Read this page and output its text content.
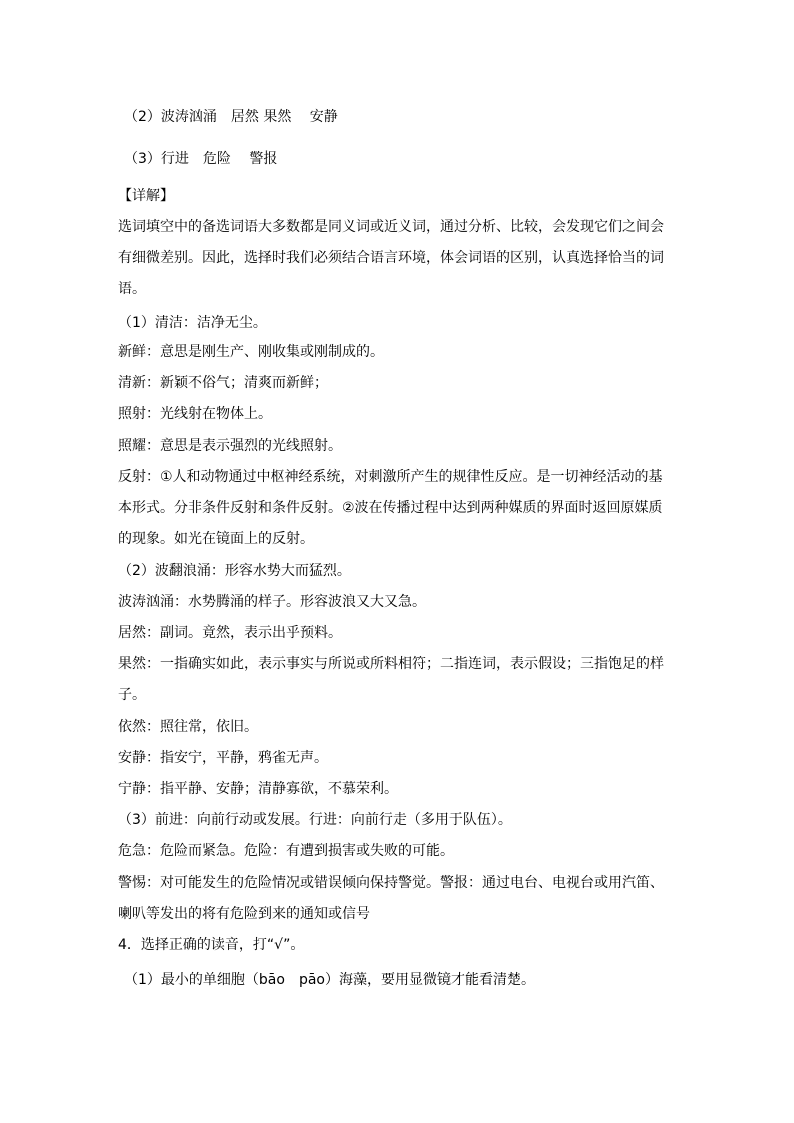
（2）波涛汹涌　居然 果然　 安静
（3）行进　危险　 警报
【详解】
选词填空中的备选词语大多数都是同义词或近义词，通过分析、比较，会发现它们之间会
有细微差别。因此，选择时我们必须结合语言环境，体会词语的区别，认真选择恰当的词
语。
（1）清洁：洁净无尘。
新鲜：意思是刚生产、刚收集或刚制成的。
清新：新颖不俗气；清爽而新鲜；
照射：光线射在物体上。
照耀：意思是表示强烈的光线照射。
反射：①人和动物通过中枢神经系统，对刺激所产生的规律性反应。是一切神经活动的基
本形式。分非条件反射和条件反射。②波在传播过程中达到两种媒质的界面时返回原媒质
的现象。如光在镜面上的反射。
（2）波翻浪涌：形容水势大而猛烈。
波涛汹涌：水势腾涌的样子。形容波浪又大又急。
居然：副词。竟然，表示出乎预料。
果然：一指确实如此，表示事实与所说或所料相符；二指连词，表示假设；三指饱足的样
子。
依然：照往常，依旧。
安静：指安宁，平静，鸦雀无声。
宁静：指平静、安静；清静寡欲，不慕荣利。
（3）前进：向前行动或发展。行进：向前行走（多用于队伍）。
危急：危险而紧急。危险：有遭到损害或失败的可能。
警惕：对可能发生的危险情况或错误倾向保持警觉。警报：通过电台、电视台或用汽笛、
喇叭等发出的将有危险到来的通知或信号
4．选择正确的读音，打“√”。
（1）最小的单细胞（bāo　pāo）海藻，要用显微镜才能看清楚。
